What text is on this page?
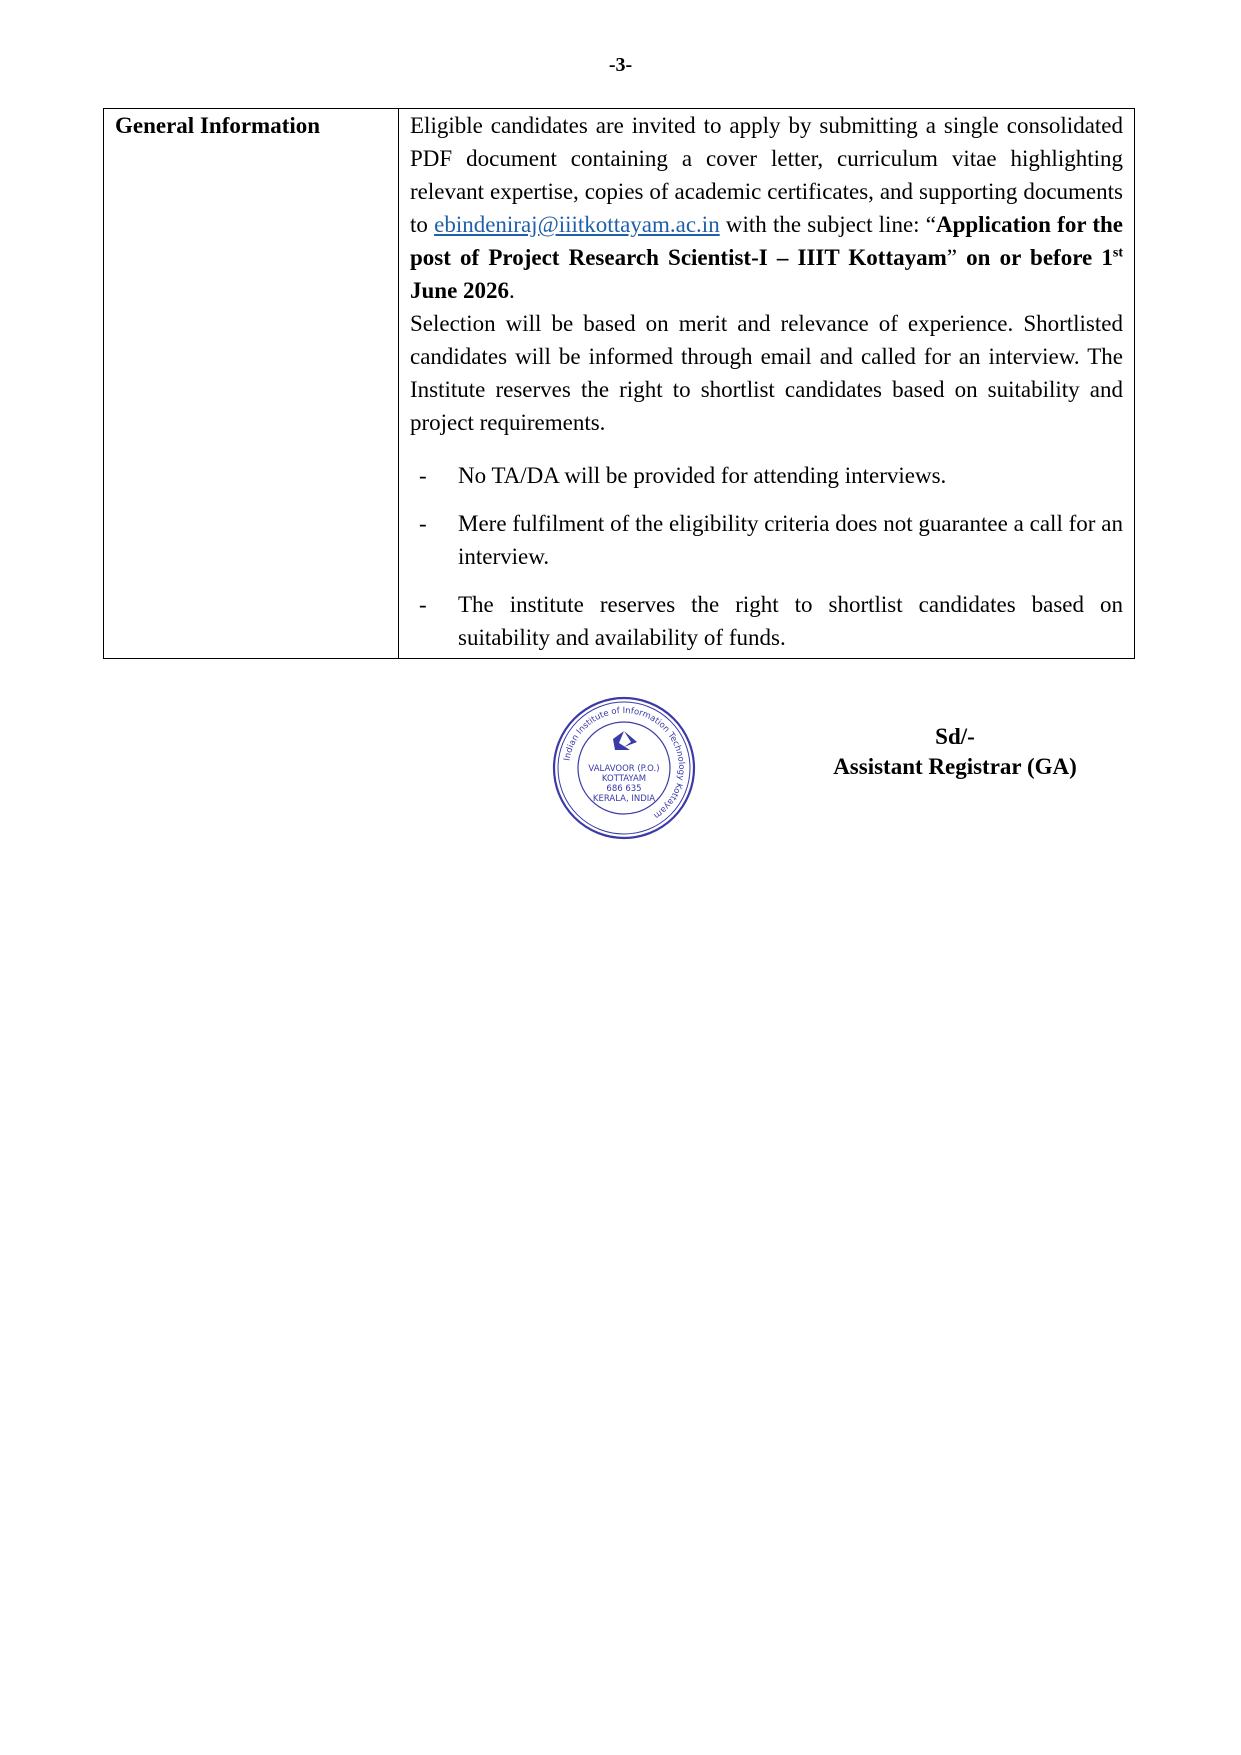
-3-
General Information	Eligible candidates are invited to apply by submitting a single consolidated PDF document containing a cover letter, curriculum vitae highlighting relevant expertise, copies of academic certificates, and supporting documents to ebindeniraj@iiitkottayam.ac.in with the subject line: “Application for the post of Project Research Scientist-I – IIIT Kottayam” on or before 1st June 2026.

Selection will be based on merit and relevance of experience. Shortlisted candidates will be informed through email and called for an interview. The Institute reserves the right to shortlist candidates based on suitability and project requirements.

- No TA/DA will be provided for attending interviews.
- Mere fulfilment of the eligibility criteria does not guarantee a call for an interview.
- The institute reserves the right to shortlist candidates based on suitability and availability of funds.
Indian Institute of Information Technology Kottayam
VALAVOOR (P.O.)
KOTTAYAM
686 635
KERALA, INDIA
Sd/-
Assistant Registrar (GA)
